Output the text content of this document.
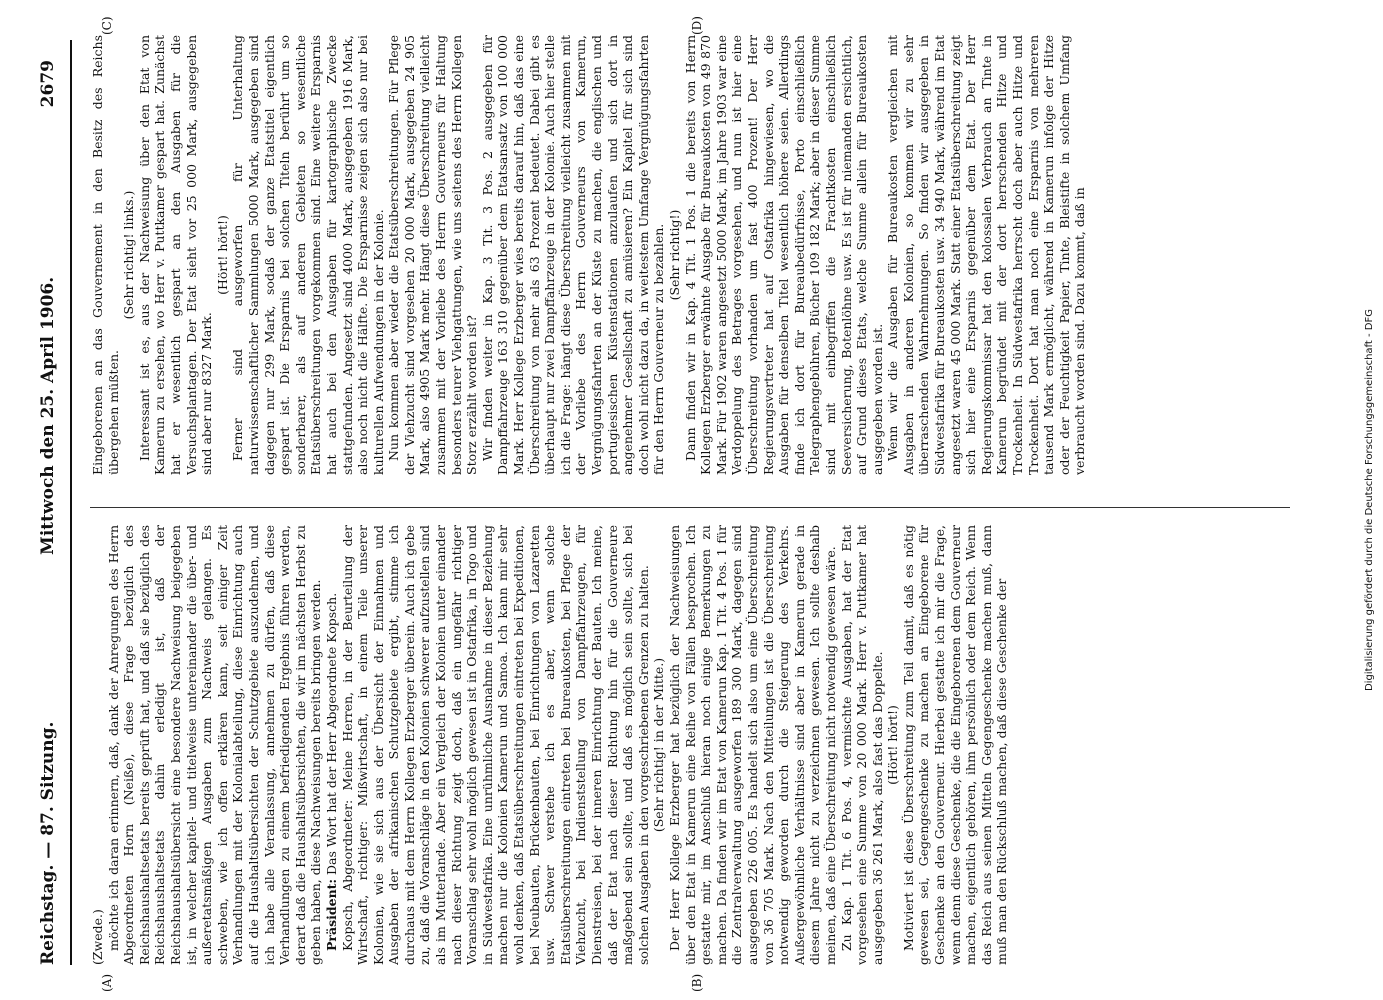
Reichstag. — 87. Sitzung.
Mittwoch den 25. April 1906.
2679
(A)	(B)
(C)	(D)

(Zwede.) möchte ich daran erinnern, daß, dank der Anregungen des Herrn Abgeordneten Horn (Neiße), diese Frage bezüglich des Reichshaushaltsetats bereits geprüft hat, und daß sie bezüglich des Reichshaushaltsetats dahin erledigt ist, daß der Reichshaushaltsübersicht eine besondere Nachweisung beigegeben ist, in welcher kapitel- und titelweise untereinander die über- und außeretatsmäßigen Ausgaben zum Nachweis gelangen. Es schweben, wie ich offen erklären kann, seit einiger Zeit Verhandlungen mit der Kolonialabteilung, diese Einrichtung auch auf die Haushaltsübersichten der Schutzgebiete auszudehnen, und ich habe alle Veranlassung, annehmen zu dürfen, daß diese Verhandlungen zu einem befriedigenden Ergebnis führen werden, derart daß die Haushaltsübersichten, die wir im nächsten Herbst zu geben haben, diese Nachweisungen bereits bringen werden. Präsident: Das Wort hat der Herr Abgeordnete Kopsch. Kopsch, Abgeordneter: Meine Herren, in der Beurteilung der Wirtschaft, richtiger: Mißwirtschaft, in einem Teile unserer Kolonien, wie sie sich aus der Übersicht der Einnahmen und Ausgaben der afrikanischen Schutzgebiete ergibt, stimme ich durchaus mit dem Herrn Kollegen Erzberger überein. Auch ich gebe zu, daß die Voranschläge in den Kolonien schwerer aufzustellen sind als im Mutterlande. Aber ein Vergleich der Kolonien unter einander nach dieser Richtung zeigt doch, daß ein ungefähr richtiger Voranschlag sehr wohl möglich gewesen ist in Ostafrika, in Togo und in Südwestafrika. Eine unrühmliche Ausnahme in dieser Beziehung machen nur die Kolonien Kamerun und Samoa. Ich kann mir sehr wohl denken, daß Etatsüberschreitungen eintreten bei Expeditionen, bei Neubauten, Brückenbauten, bei Einrichtungen von Lazaretten usw. Schwer verstehe ich es aber, wenn solche Etatsüberschreitungen eintreten bei Bureaukosten, bei Pflege der Viehzucht, bei Indienststellung von Dampffahrzeugen, für Dienstreisen, bei der inneren Einrichtung der Bauten. Ich meine, daß der Etat nach dieser Richtung hin für die Gouverneure maßgebend sein sollte, und daß es möglich sein sollte, sich bei solchen Ausgaben in den vorgeschriebenen Grenzen zu halten. (Sehr richtig! in der Mitte.) Der Herr Kollege Erzberger hat bezüglich der Nachweisungen über den Etat in Kamerun eine Reihe von Fällen besprochen. Ich gestatte mir, im Anschluß hieran noch einige Bemerkungen zu machen. Da finden wir im Etat von Kamerun Kap. 1 Tit. 4 Pos. 1 für die Zentralverwaltung ausgeworfen 189 300 Mark, dagegen sind ausgegeben 226 005. Es handelt sich also um eine Überschreitung von 36 705 Mark. Nach den Mitteilungen ist die Überschreitung notwendig geworden durch die Steigerung des Verkehrs. Außergewöhnliche Verhältnisse sind aber in Kamerun gerade in diesem Jahre nicht zu verzeichnen gewesen. Ich sollte deshalb meinen, daß eine Überschreitung nicht notwendig gewesen wäre. Zu Kap. 1 Tit. 6 Pos. 4, vermischte Ausgaben, hat der Etat vorgesehen eine Summe von 20 000 Mark. Herr v. Puttkamer hat ausgegeben 36 261 Mark, also fast das Doppelte. (Hört! hört!) Motiviert ist diese Überschreitung zum Teil damit, daß es nötig gewesen sei, Gegengeschenke zu machen an Eingeborene für Geschenke an den Gouverneur. Hierbei gestatte ich mir die Frage, wenn denn diese Geschenke, die die Eingeborenen dem Gouverneur machen, eigentlich gehören, ihm persönlich oder dem Reich. Wenn das Reich aus seinen Mitteln Gegengeschenke machen muß, dann muß man den Rückschluß machen, daß diese Geschenke der

Eingeborenen an das Gouvernement in den Besitz des Reichs übergehen müßten.

(Sehr richtig! links.) Interessant ist es, aus der Nachweisung über den Etat von Kamerun zu ersehen, wo Herr v. Puttkamer gespart hat. Zunächst hat er wesentlich gespart an den Ausgaben für die Versuchsplantagen. Der Etat sieht vor 25 000 Mark, ausgegeben sind aber nur 8327 Mark.

(Hört! hört!) Ferner sind ausgeworfen für Unterhaltung naturwissenschaftlicher Sammlungen 5000 Mark, ausgegeben sind dagegen nur 299 Mark, sodaß der ganze Etatstitel eigentlich gespart ist. Die Ersparnis bei solchen Titeln berührt um so sonderbarer, als auf anderen Gebieten so wesentliche Etatsüberschreitungen vorgekommen sind. Eine weitere Ersparnis hat auch bei den Ausgaben für kartographische Zwecke stattgefunden. Angesetzt sind 4000 Mark, ausgegeben 1916 Mark, also noch nicht die Hälfte. Die Ersparnisse zeigen sich also nur bei kulturellen Aufwendungen in der Kolonie. Nun kommen aber wieder die Etatsüberschreitungen. Für Pflege der Viehzucht sind vorgesehen 20 000 Mark, ausgegeben 24 905 Mark, also 4905 Mark mehr. Hängt diese Überschreitung vielleicht zusammen mit der Vorliebe des Herrn Gouverneurs für Haltung besonders teurer Viehgattungen, wie uns seitens des Herrn Kollegen Storz erzählt worden ist? Wir finden weiter in Kap. 3 Tit. 3 Pos. 2 ausgegeben für Dampffahrzeuge 163 310 gegenüber dem Etatsansatz von 100 000 Mark. Herr Kollege Erzberger wies bereits darauf hin, daß das eine Überschreitung von mehr als 63 Prozent bedeutet. Dabei gibt es überhaupt nur zwei Dampffahrzeuge in der Kolonie. Auch hier stelle ich die Frage: hängt diese Überschreitung vielleicht zusammen mit der Vorliebe des Herrn Gouverneurs von Kamerun, Vergnügungsfahrten an der Küste zu machen, die englischen und portugiesischen Küstenstationen anzulaufen und sich dort in angenehmer Gesellschaft zu amüsieren? Ein Kapitel für sich sind doch wohl nicht dazu da, in weitestem Umfange Vergnügungsfahrten für den Herrn Gouverneur zu bezahlen. (Sehr richtig!) Dann finden wir in Kap. 4 Tit. 1 Pos. 1 die bereits von Herrn Kollegen Erzberger erwähnte Ausgabe für Bureaukosten von 49 870 Mark. Für 1902 waren angesetzt 5000 Mark, im Jahre 1903 war eine Verdoppelung des Betrages vorgesehen, und nun ist hier eine Überschreitung vorhanden um fast 400 Prozent! Der Herr Regierungsvertreter hat auf Ostafrika hingewiesen, wo die Ausgaben für denselben Titel wesentlich höhere seien. Allerdings finde ich dort für Bureaubedürfnisse, Porto einschließlich Telegraphengebühren, Bücher 109 182 Mark; aber in dieser Summe sind mit einbegriffen die Frachtkosten einschließlich Seeversicherung, Botenlöhne usw. Es ist für niemanden ersichtlich, auf Grund dieses Etats, welche Summe allein für Bureaukosten ausgegeben worden ist. Wenn wir die Ausgaben für Bureaukosten vergleichen mit Ausgaben in anderen Kolonien, so kommen wir zu sehr überraschenden Wahrnehmungen. So finden wir ausgegeben in Südwestafrika für Bureaukosten usw. 34 940 Mark, während im Etat angesetzt waren 45 000 Mark. Statt einer Etatsüberschreitung zeigt sich hier eine Ersparnis gegenüber dem Etat. Der Herr Regierungskommissar hat den kolossalen Verbrauch an Tinte in Kamerun begründet mit der dort herrschenden Hitze und Trockenheit. In Südwestafrika herrscht doch aber auch Hitze und Trockenheit. Dort hat man noch eine Ersparnis von mehreren tausend Mark ermöglicht, während in Kamerun infolge der Hitze oder der Feuchtigkeit Papier, Tinte, Bleistifte in solchem Umfang verbraucht worden sind. Dazu kommt, daß in	Digitalisierung gefördert durch die Deutsche Forschungsgemeinschaft - DFG
